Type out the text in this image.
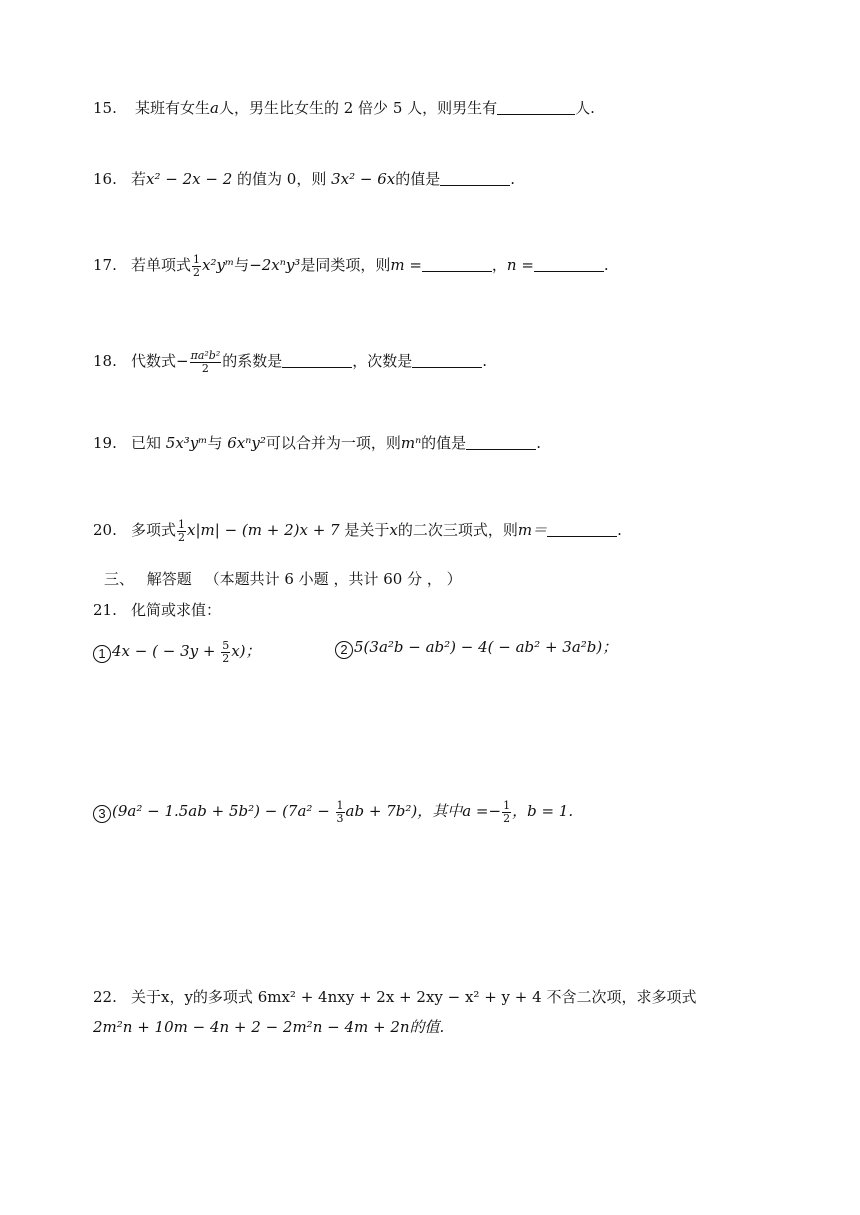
15. 某班有女生a人，男生比女生的 2 倍少 5 人，则男生有	人.
16. 若x² − 2x − 2 的值为 0，则 3x² − 6x的值是	.
17. 若单项式 $\frac{1}{2}$ x²yᵐ与−2xⁿy³是同类项，则m =	，n =	.
18. 代数式− $\frac{\text{πa²b²}}{2}$ 的系数是	，次数是	.
19. 已知 5x³yᵐ与 6xⁿy²可以合并为一项，则mⁿ的值是	.
20. 多项式 $\frac{1}{2} x|m| - (m + 2)x + 7$ 是关于x的二次三项式，则m＝	.
三、 解答题 （本题共计 6 小题 ，共计 60 分 ， ）
21. 化简或求值：
1 4x − ( − $3y + \frac{5}{2} x$)；	2 5(3a²b − ab²) − 4( − ab² + 3a²b)；
3 $(9a^2 - 1.5ab + 5b^2) - (7a^2 - \frac{1}{3}$ ab + 7b²)，其中$a =- \frac{1}{2}$ ，b = 1.
22. 关于x，y的多项式 6mx² + 4nxy + 2x + 2xy − x² + y + 4 不含二次项，求多项式
2m²n + 10m − 4n + 2 − 2m²n − 4m + 2n的值.
